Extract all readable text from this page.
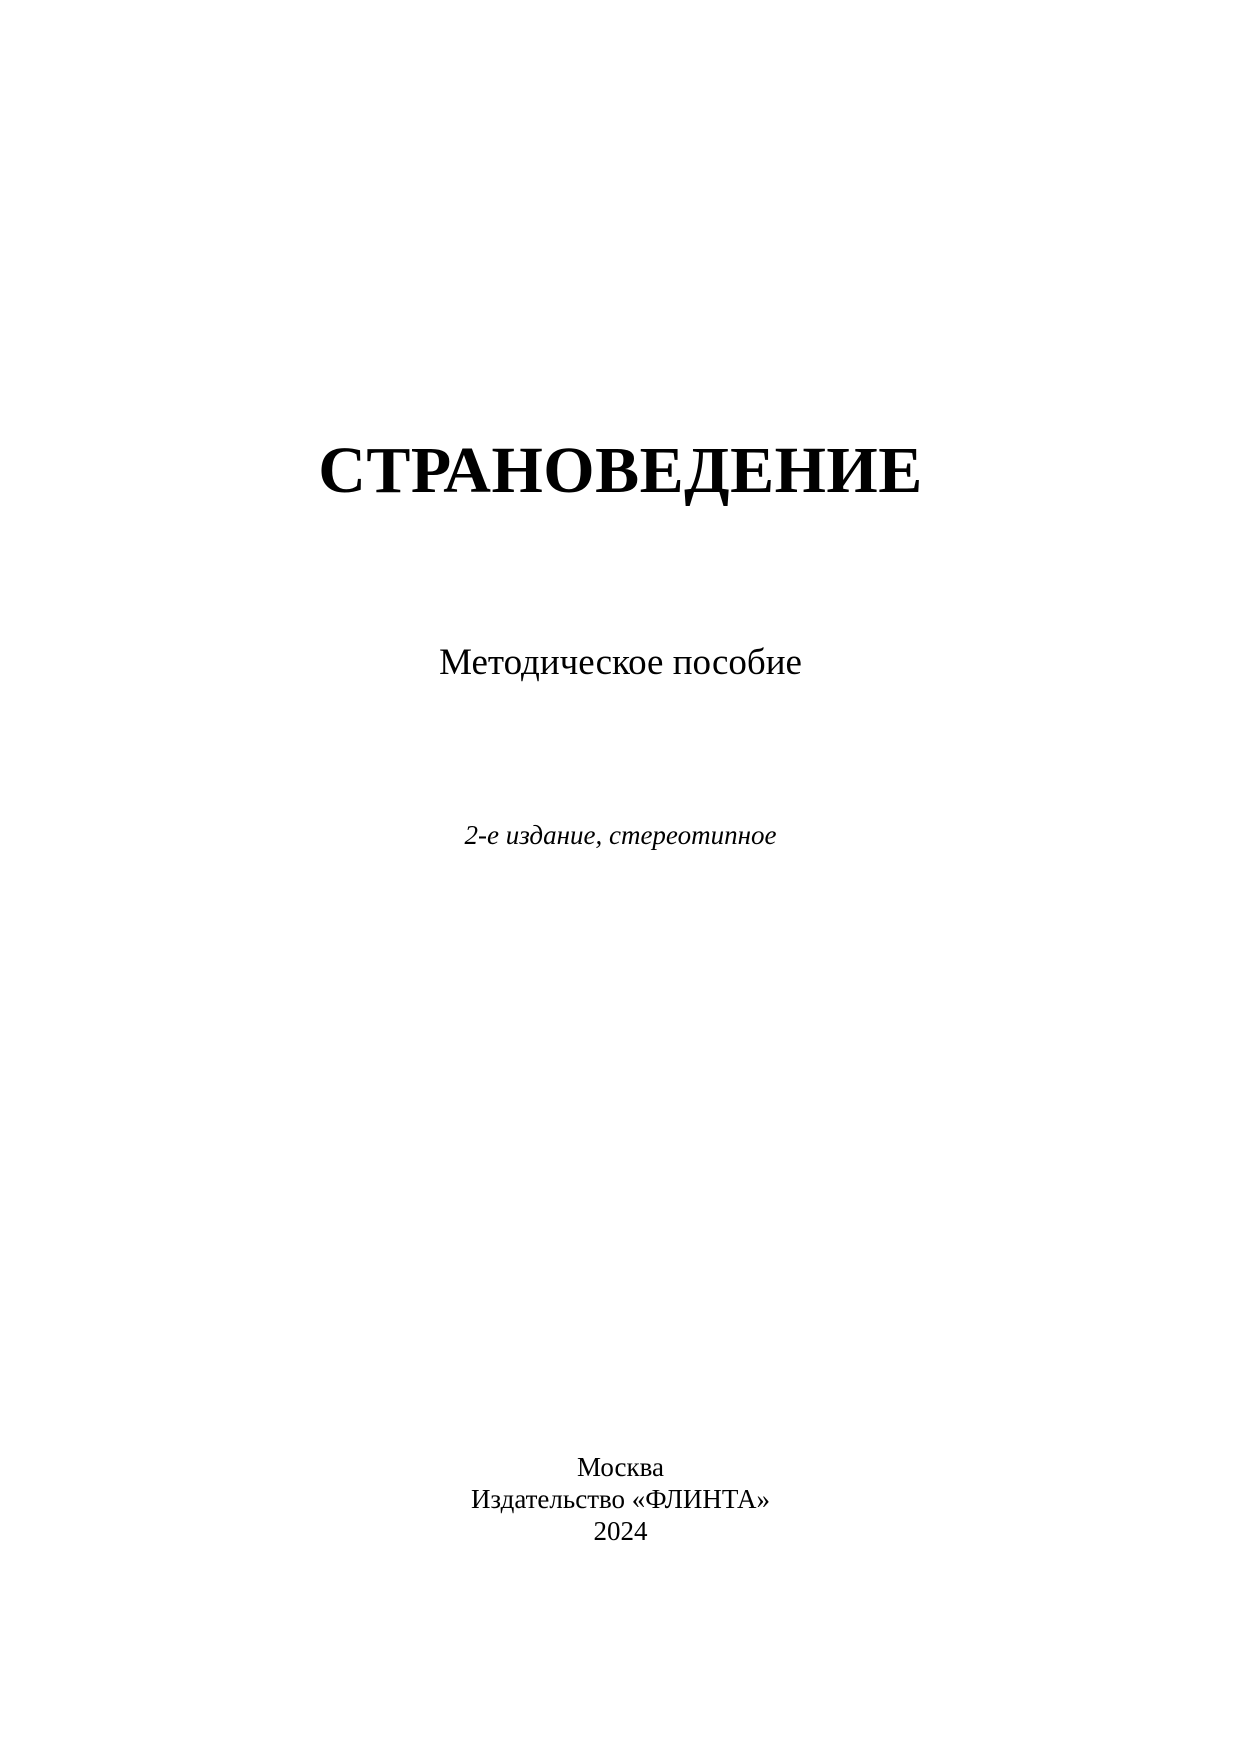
СТРАНОВЕДЕНИЕ
Методическое пособие
2-е издание, стереотипное
Москва
Издательство «ФЛИНТА»
2024
